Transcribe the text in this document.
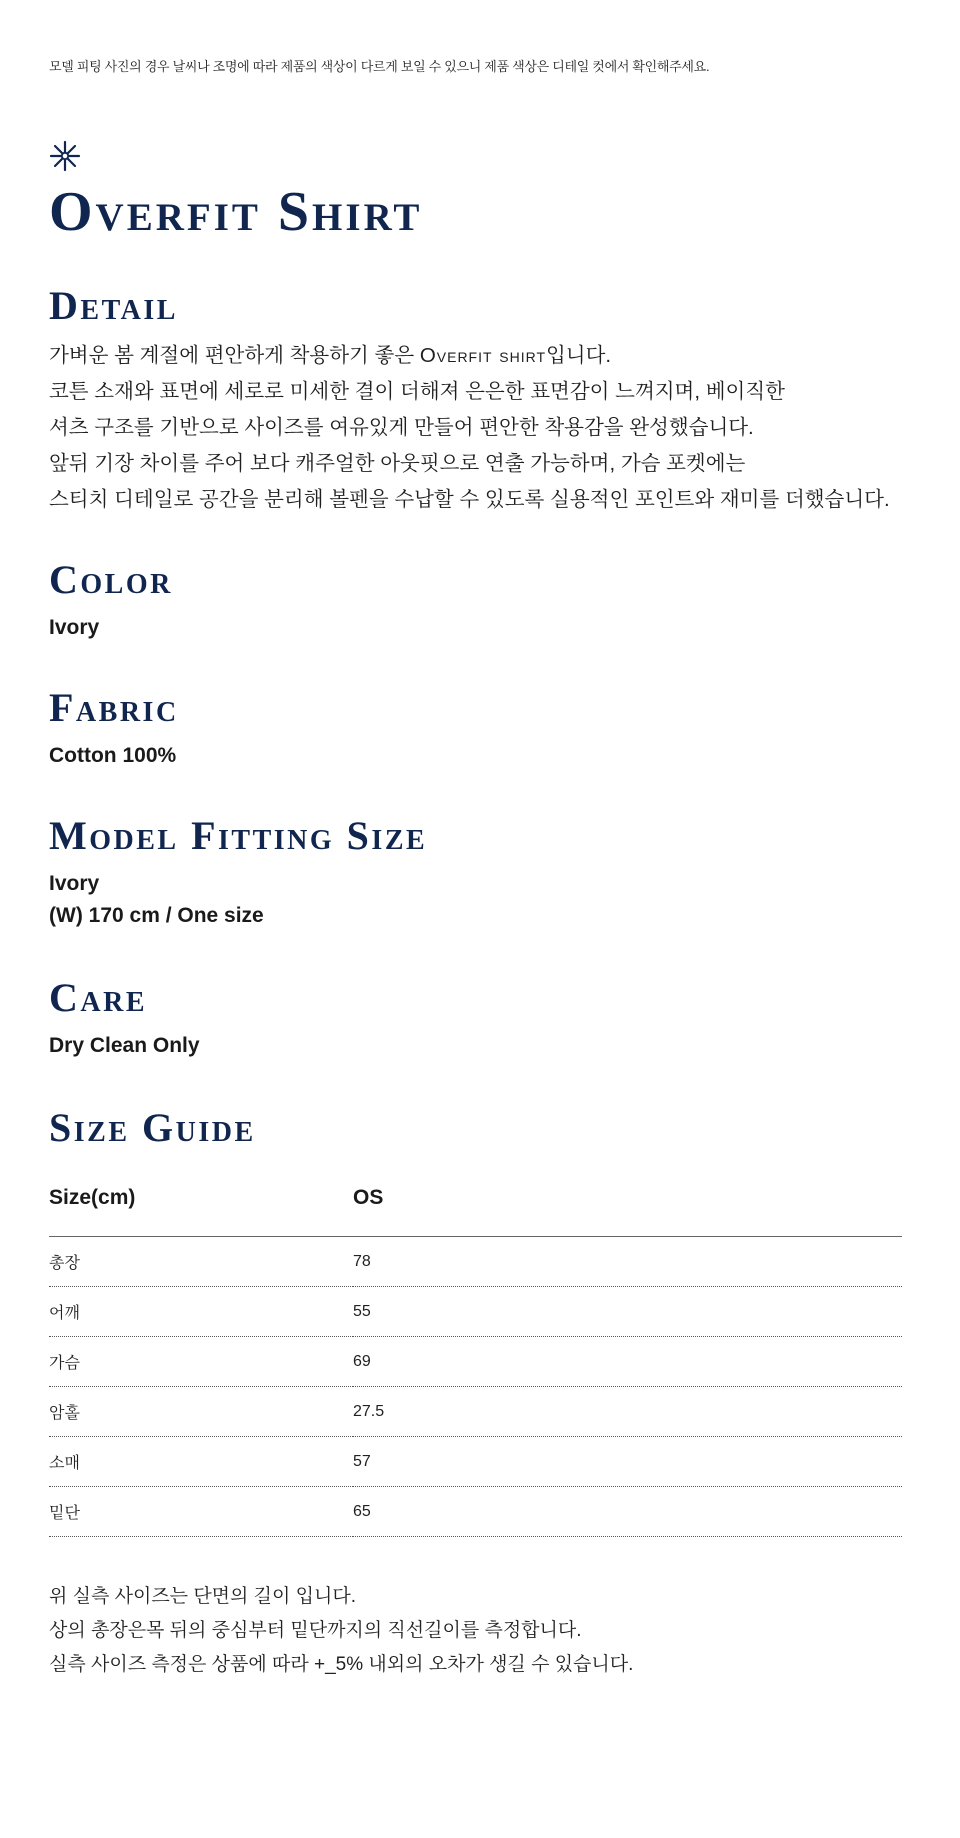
모델 피팅 사진의 경우 날씨나 조명에 따라 제품의 색상이 다르게 보일 수 있으니 제품 색상은 디테일 컷에서 확인해주세요.
Overfit Shirt
Detail
가벼운 봄 계절에 편안하게 착용하기 좋은 Overfit shirt입니다.
코튼 소재와 표면에 세로로 미세한 결이 더해져 은은한 표면감이 느껴지며, 베이직한
셔츠 구조를 기반으로 사이즈를 여유있게 만들어 편안한 착용감을 완성했습니다.
앞뒤 기장 차이를 주어 보다 캐주얼한 아웃핏으로 연출 가능하며, 가슴 포켓에는
스티치 디테일로 공간을 분리해 볼펜을 수납할 수 있도록 실용적인 포인트와 재미를 더했습니다.
Color
Ivory
Fabric
Cotton 100%
Model Fitting Size
Ivory
(W) 170 cm / One size
Care
Dry Clean Only
Size Guide
Size(cm)	OS
총장	78
어깨	55
가슴	69
암홀	27.5
소매	57
밑단	65
위 실측 사이즈는 단면의 길이 입니다.
상의 총장은목 뒤의 중심부터 밑단까지의 직선길이를 측정합니다.
실측 사이즈 측정은 상품에 따라 +_5% 내외의 오차가 생길 수 있습니다.
